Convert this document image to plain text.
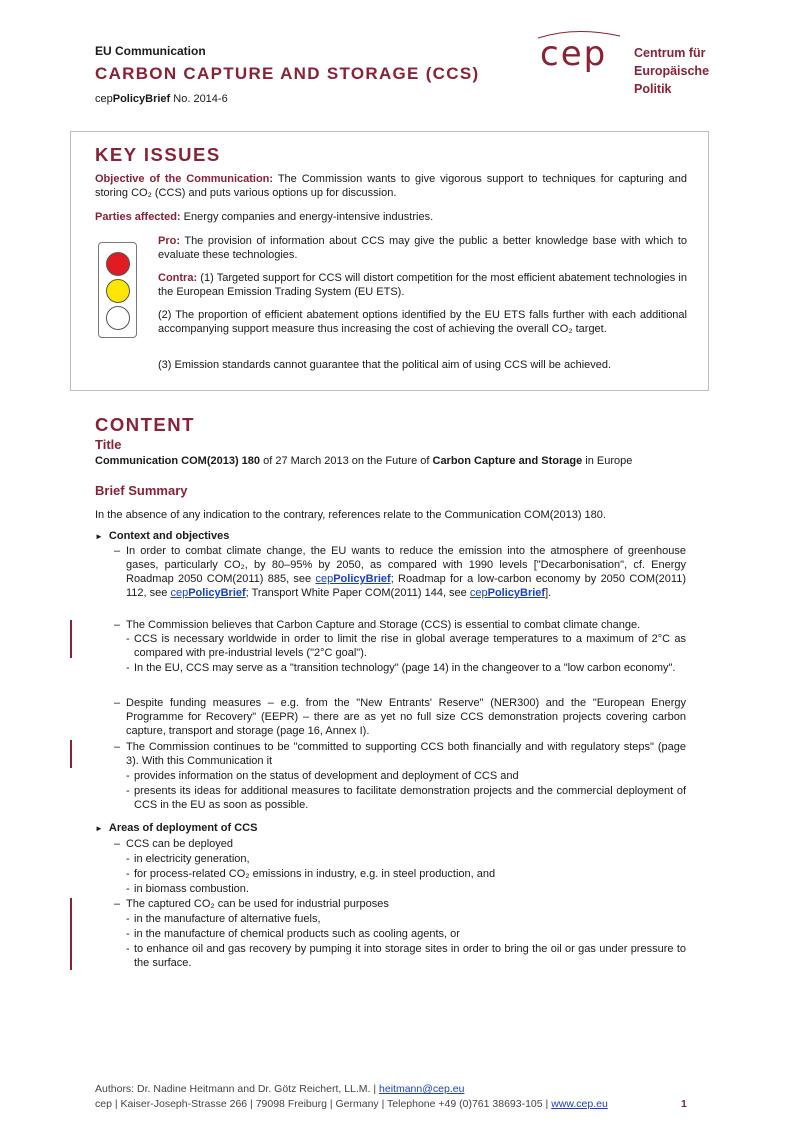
EU Communication
CARBON CAPTURE AND STORAGE (CCS)
cepPolicyBrief No. 2014-6
cep Centrum für
Europäische Politik
KEY ISSUES
Objective of the Communication: The Commission wants to give vigorous support to techniques for capturing and storing CO₂ (CCS) and puts various options up for discussion.
Parties affected: Energy companies and energy-intensive industries.
Pro: The provision of information about CCS may give the public a better knowledge base with which to evaluate these technologies.
Contra: (1) Targeted support for CCS will distort competition for the most efficient abatement technologies in the European Emission Trading System (EU ETS).
(2) The proportion of efficient abatement options identified by the EU ETS falls further with each additional accompanying support measure thus increasing the cost of achieving the overall CO₂ target.
(3) Emission standards cannot guarantee that the political aim of using CCS will be achieved.
CONTENT
Title
Communication COM(2013) 180 of 27 March 2013 on the Future of Carbon Capture and Storage in Europe
Brief Summary
In the absence of any indication to the contrary, references relate to the Communication COM(2013) 180.
► Context and objectives
– In order to combat climate change, the EU wants to reduce the emission into the atmosphere of greenhouse gases, particularly CO₂, by 80–95% by 2050, as compared with 1990 levels ["Decarbonisation", cf. Energy Roadmap 2050 COM(2011) 885, see cepPolicyBrief; Roadmap for a low-carbon economy by 2050 COM(2011) 112, see cepPolicyBrief; Transport White Paper COM(2011) 144, see cepPolicyBrief].
– The Commission believes that Carbon Capture and Storage (CCS) is essential to combat climate change.
- CCS is necessary worldwide in order to limit the rise in global average temperatures to a maximum of 2°C as compared with pre-industrial levels ("2°C goal").
- In the EU, CCS may serve as a "transition technology" (page 14) in the changeover to a "low carbon economy".
– Despite funding measures – e.g. from the "New Entrants' Reserve" (NER300) and the "European Energy Programme for Recovery" (EEPR) – there are as yet no full size CCS demonstration projects covering carbon capture, transport and storage (page 16, Annex I).
– The Commission continues to be "committed to supporting CCS both financially and with regulatory steps" (page 3). With this Communication it
- provides information on the status of development and deployment of CCS and
- presents its ideas for additional measures to facilitate demonstration projects and the commercial deployment of CCS in the EU as soon as possible.
► Areas of deployment of CCS
– CCS can be deployed
- in electricity generation,
- for process-related CO₂ emissions in industry, e.g. in steel production, and
- in biomass combustion.
– The captured CO₂ can be used for industrial purposes
- in the manufacture of alternative fuels,
- in the manufacture of chemical products such as cooling agents, or
- to enhance oil and gas recovery by pumping it into storage sites in order to bring the oil or gas under pressure to the surface.
Authors: Dr. Nadine Heitmann and Dr. Götz Reichert, LL.M. | heitmann@cep.eu
cep | Kaiser-Joseph-Strasse 266 | 79098 Freiburg | Germany | Telephone +49 (0)761 38693-105 | www.cep.eu	1
